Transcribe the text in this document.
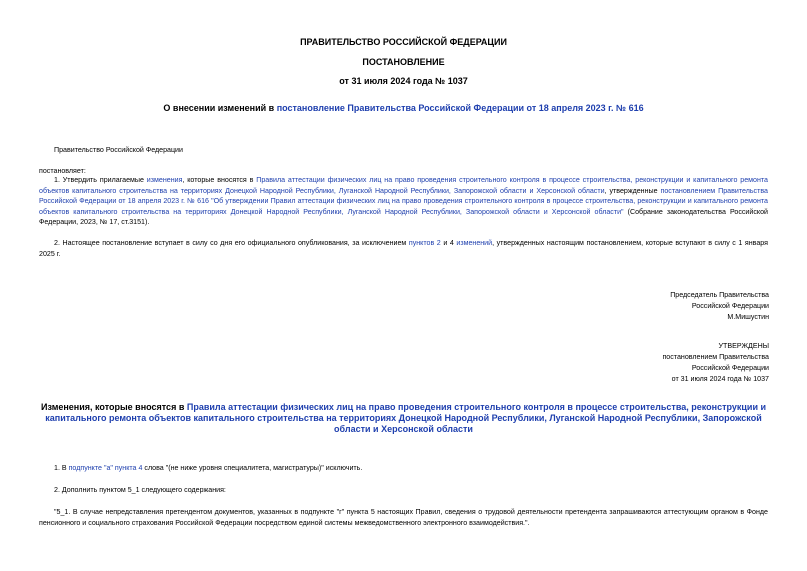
ПРАВИТЕЛЬСТВО РОССИЙСКОЙ ФЕДЕРАЦИИ
ПОСТАНОВЛЕНИЕ
от 31 июля 2024 года № 1037
О внесении изменений в постановление Правительства Российской Федерации от 18 апреля 2023 г. № 616
Правительство Российской Федерации
постановляет:
1. Утвердить прилагаемые изменения, которые вносятся в Правила аттестации физических лиц на право проведения строительного контроля в процессе строительства, реконструкции и капитального ремонта объектов капитального строительства на территориях Донецкой Народной Республики, Луганской Народной Республики, Запорожской области и Херсонской области, утвержденные постановлением Правительства Российской Федерации от 18 апреля 2023 г. № 616 "Об утверждении Правил аттестации физических лиц на право проведения строительного контроля в процессе строительства, реконструкции и капитального ремонта объектов капитального строительства на территориях Донецкой Народной Республики, Луганской Народной Республики, Запорожской области и Херсонской области" (Собрание законодательства Российской Федерации, 2023, № 17, ст.3151).
2. Настоящее постановление вступает в силу со дня его официального опубликования, за исключением пунктов 2 и 4 изменений, утвержденных настоящим постановлением, которые вступают в силу с 1 января 2025 г.
Председатель Правительства
Российской Федерации
М.Мишустин
УТВЕРЖДЕНЫ
постановлением Правительства
Российской Федерации
от 31 июля 2024 года № 1037
Изменения, которые вносятся в Правила аттестации физических лиц на право проведения строительного контроля в процессе строительства, реконструкции и капитального ремонта объектов капитального строительства на территориях Донецкой Народной Республики, Луганской Народной Республики, Запорожской области и Херсонской области
1. В подпункте "а" пункта 4 слова "(не ниже уровня специалитета, магистратуры)" исключить.
2. Дополнить пунктом 5_1 следующего содержания:
"5_1. В случае непредставления претендентом документов, указанных в подпункте "г" пункта 5 настоящих Правил, сведения о трудовой деятельности претендента запрашиваются аттестующим органом в Фонде пенсионного и социального страхования Российской Федерации посредством единой системы межведомственного электронного взаимодействия.".
